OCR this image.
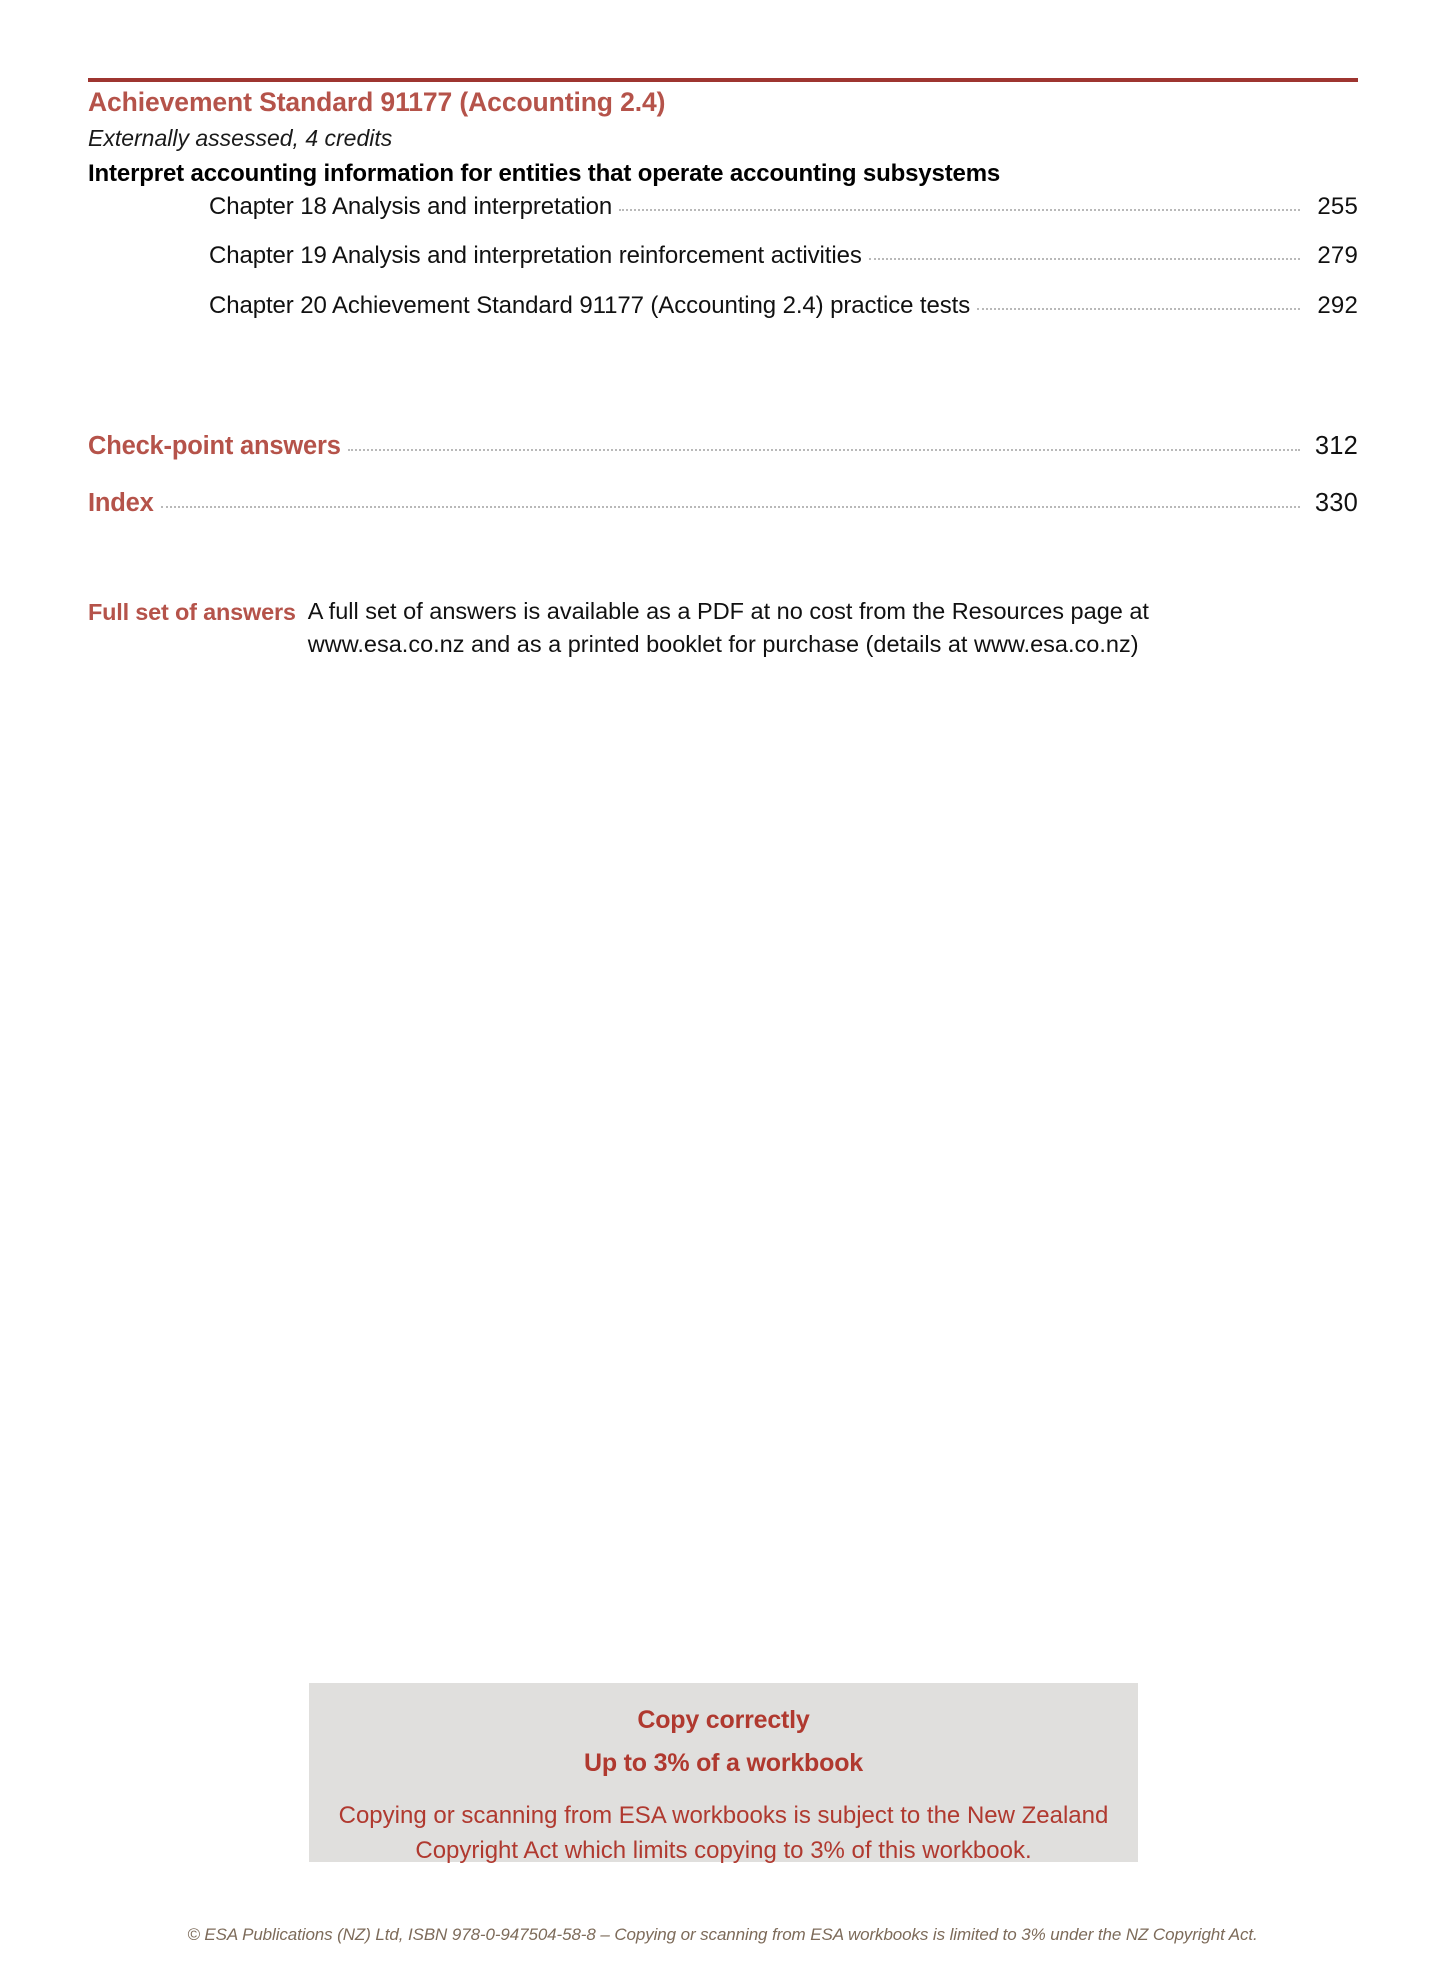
Achievement Standard 91177 (Accounting 2.4)
Externally assessed, 4 credits
Interpret accounting information for entities that operate accounting subsystems
Chapter 18 Analysis and interpretation	255
Chapter 19 Analysis and interpretation reinforcement activities	279
Chapter 20 Achievement Standard 91177 (Accounting 2.4) practice tests	292
Check-point answers	312
Index	330
Full set of answers A full set of answers is available as a PDF at no cost from the Resources page at

www.esa.co.nz and as a printed booklet for purchase (details at www.esa.co.nz)

Copy correctly
Up to 3% of a workbook
Copying or scanning from ESA workbooks is subject to the New Zealand
Copyright Act which limits copying to 3% of this workbook.
© ESA Publications (NZ) Ltd, ISBN 978-0-947504-58-8 – Copying or scanning from ESA workbooks is limited to 3% under the NZ Copyright Act.
